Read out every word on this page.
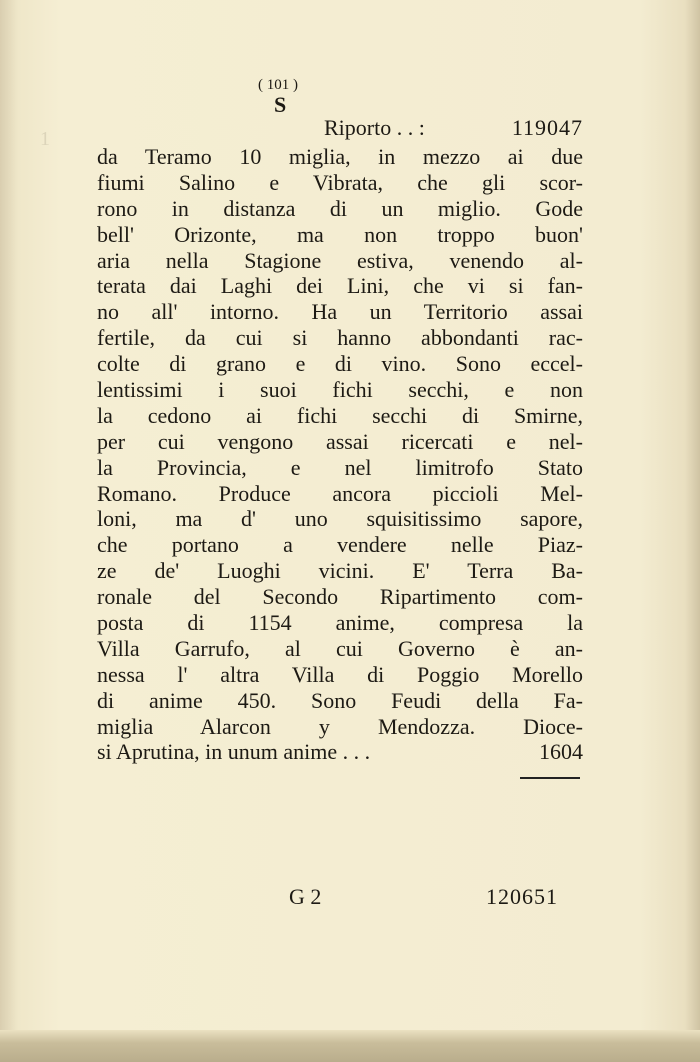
1
( 101 )
S
Riporto . . :	119047
da Teramo 10 miglia, in mezzo ai due
fiumi Salino e Vibrata, che gli scor-
rono in distanza di un miglio. Gode
bell' Orizonte, ma non troppo buon'
aria nella Stagione estiva, venendo al-
terata dai Laghi dei Lini, che vi si fan-
no all' intorno. Ha un Territorio assai
fertile, da cui si hanno abbondanti rac-
colte di grano e di vino. Sono eccel-
lentissimi i suoi fichi secchi, e non
la cedono ai fichi secchi di Smirne,
per cui vengono assai ricercati e nel-
la Provincia, e nel limitrofo Stato
Romano. Produce ancora piccioli Mel-
loni, ma d' uno squisitissimo sapore,
che portano a vendere nelle Piaz-
ze de' Luoghi vicini. E' Terra Ba-
ronale del Secondo Ripartimento com-
posta di 1154 anime, compresa la
Villa Garrufo, al cui Governo è an-
nessa l' altra Villa di Poggio Morello
di anime 450. Sono Feudi della Fa-
miglia Alarcon y Mendozza. Dioce-
si Aprutina, in unum anime . . .	1604
G 2	120651
